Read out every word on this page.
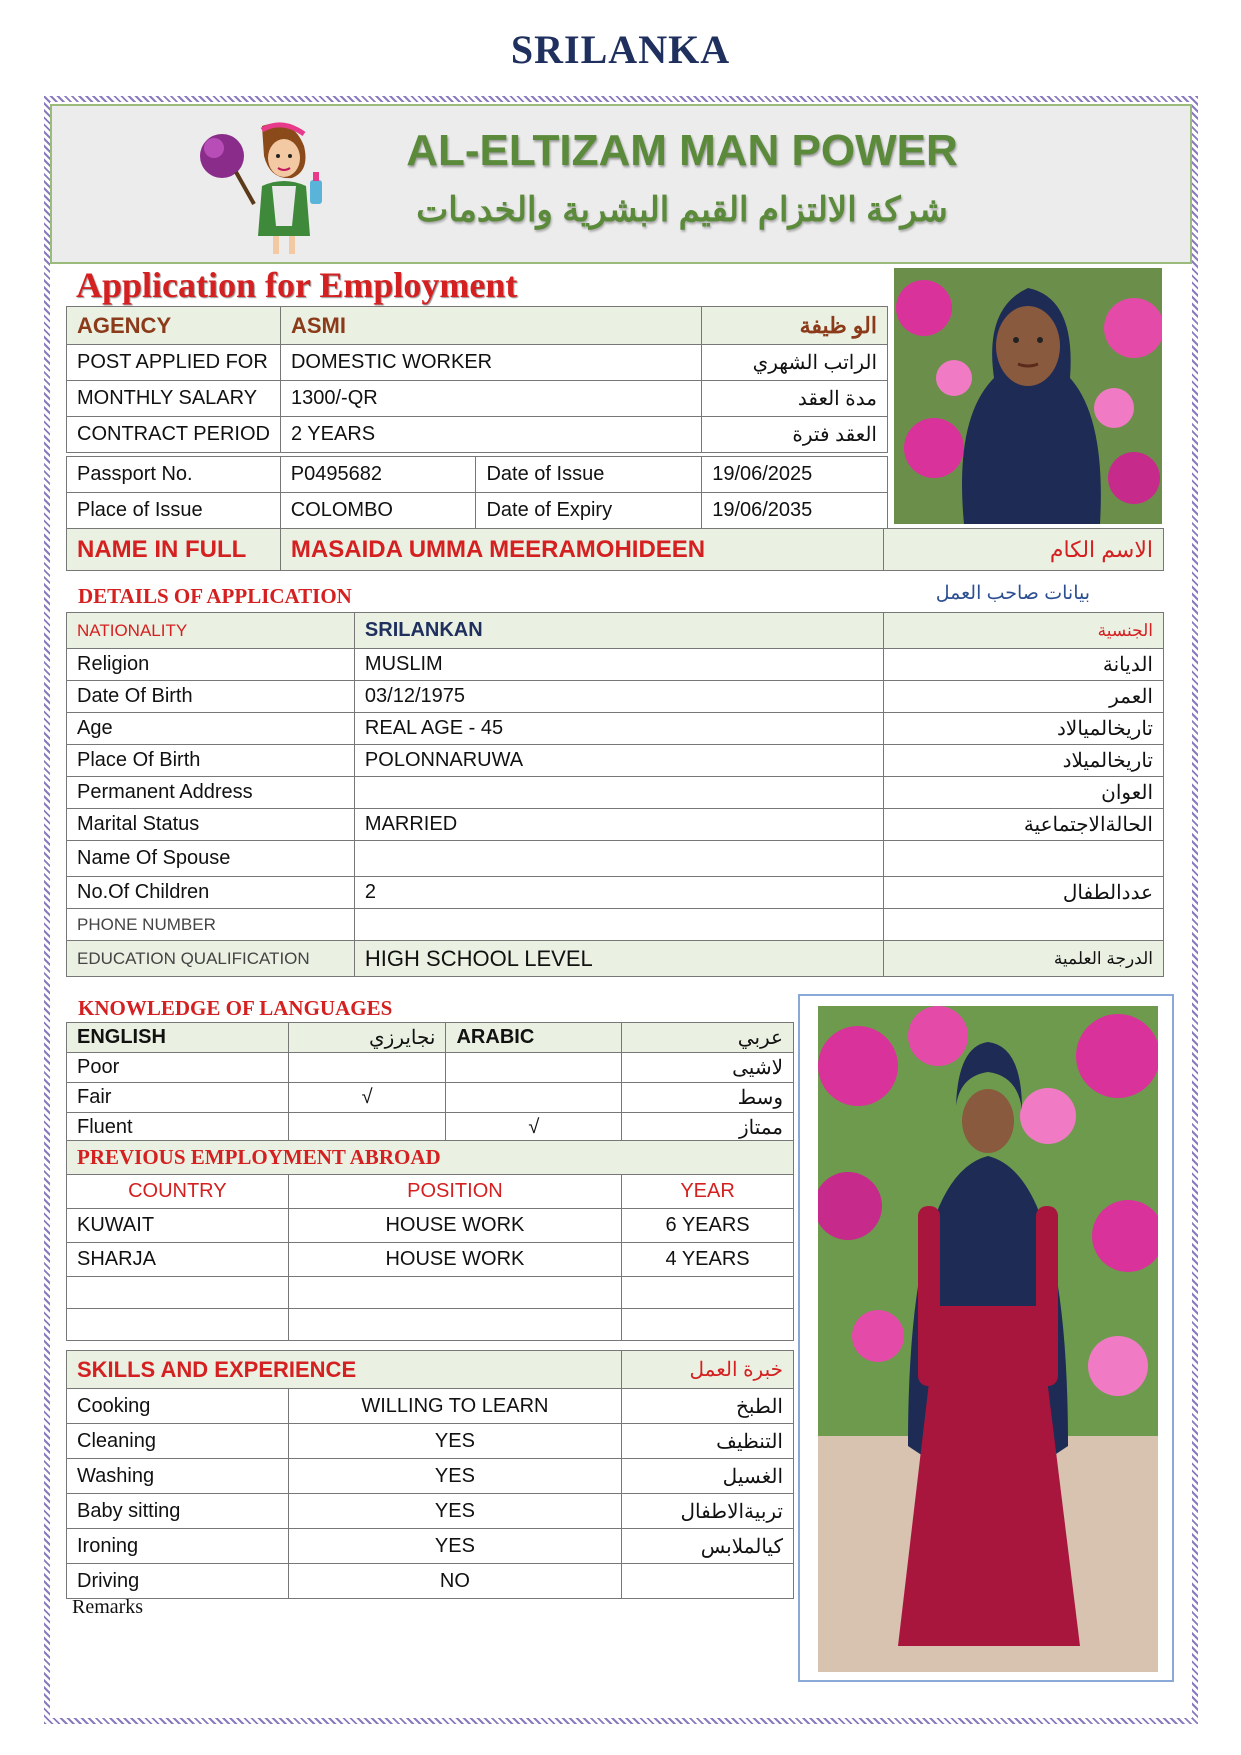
SRILANKA
AL-ELTIZAM MAN POWER
شركة الالتزام القيم البشرية والخدمات
Application for Employment
AGENCY	ASMI	الو ظيفة
POST APPLIED FOR	DOMESTIC WORKER	الراتب الشهري
MONTHLY SALARY	1300/-QR	مدة العقد
CONTRACT PERIOD	2 YEARS	العقد فترة
Passport No.	P0495682	Date of Issue	19/06/2025
Place of Issue	COLOMBO	Date of Expiry	19/06/2035
NAME IN FULL	MASAIDA UMMA MEERAMOHIDEEN	الاسم الكام
DETAILS OF APPLICATION	بيانات صاحب العمل
NATIONALITY	SRILANKAN	الجنسية
Religion	MUSLIM	الديانة
Date Of Birth	03/12/1975	العمر
Age	REAL AGE - 45	تاريخالميالاد
Place Of Birth	POLONNARUWA	تاريخالميلاد
Permanent Address		العوان
Marital Status	MARRIED	الحالةالاجتماعية
Name Of Spouse		
No.Of Children	2	عددالطفال
PHONE NUMBER		
EDUCATION QUALIFICATION	HIGH SCHOOL LEVEL	الدرجة العلمية
KNOWLEDGE OF LANGUAGES
ENGLISH	نجايرزي	ARABIC	عربي
Poor			لاشيى
Fair	√		وسط
Fluent		√	ممتاز
PREVIOUS EMPLOYMENT ABROAD		
COUNTRY	POSITION	YEAR
KUWAIT	HOUSE WORK	6 YEARS
SHARJA	HOUSE WORK	4 YEARS

SKILLS AND EXPERIENCE		خبرة العمل
Cooking	WILLING TO LEARN	الطبخ
Cleaning	YES	التنظيف
Washing	YES	الغسيل
Baby sitting	YES	تربيةالاطفال
Ironing	YES	كيالملابس
Driving	NO	
Remarks
